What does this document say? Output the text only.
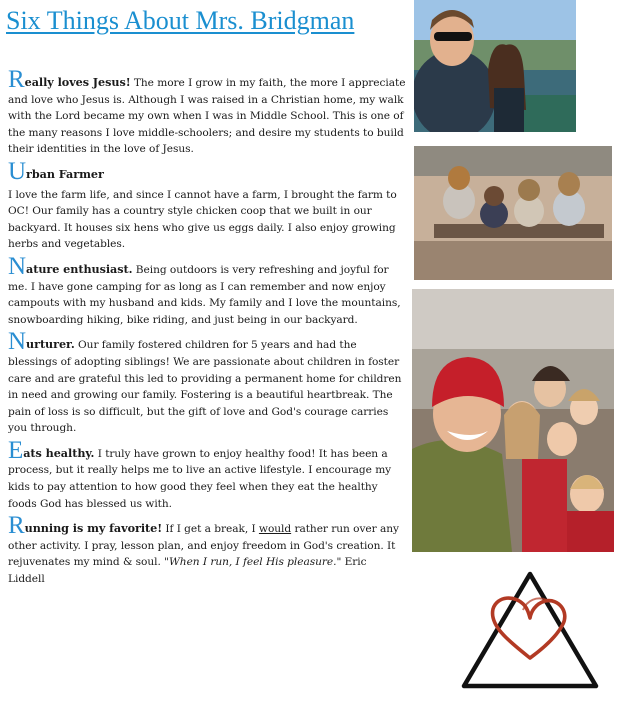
Six Things About Mrs. Bridgman

Really loves Jesus! The more I grow in my faith, the more I appreciate and love who Jesus is. Although I was raised in a Christian home, my walk with the Lord became my own when I was in Middle School. This is one of the many reasons I love middle-schoolers; and desire my students to build their identities in the love of Jesus.

Urban Farmer
I love the farm life, and since I cannot have a farm, I brought the farm to OC! Our family has a country style chicken coop that we built in our backyard. It houses six hens who give us eggs daily. I also enjoy growing herbs and vegetables.

Nature enthusiast. Being outdoors is very refreshing and joyful for me. I have gone camping for as long as I can remember and now enjoy campouts with my husband and kids. My family and I love the mountains, snowboarding hiking, bike riding, and just being in our backyard.

Nurturer. Our family fostered children for 5 years and had the blessings of adopting siblings! We are passionate about children in foster care and are grateful this led to providing a permanent home for children in need and growing our family. Fostering is a beautiful heartbreak. The pain of loss is so difficult, but the gift of love and God's courage carries you through.

Eats healthy. I truly have grown to enjoy healthy food! It has been a process, but it really helps me to live an active lifestyle. I encourage my kids to pay attention to how good they feel when they eat the healthy foods God has blessed us with.

Running is my favorite! If I get a break, I would rather run over any other activity. I pray, lesson plan, and enjoy freedom in God's creation. It rejuvenates my mind & soul. "When I run, I feel His pleasure." Eric Liddell
